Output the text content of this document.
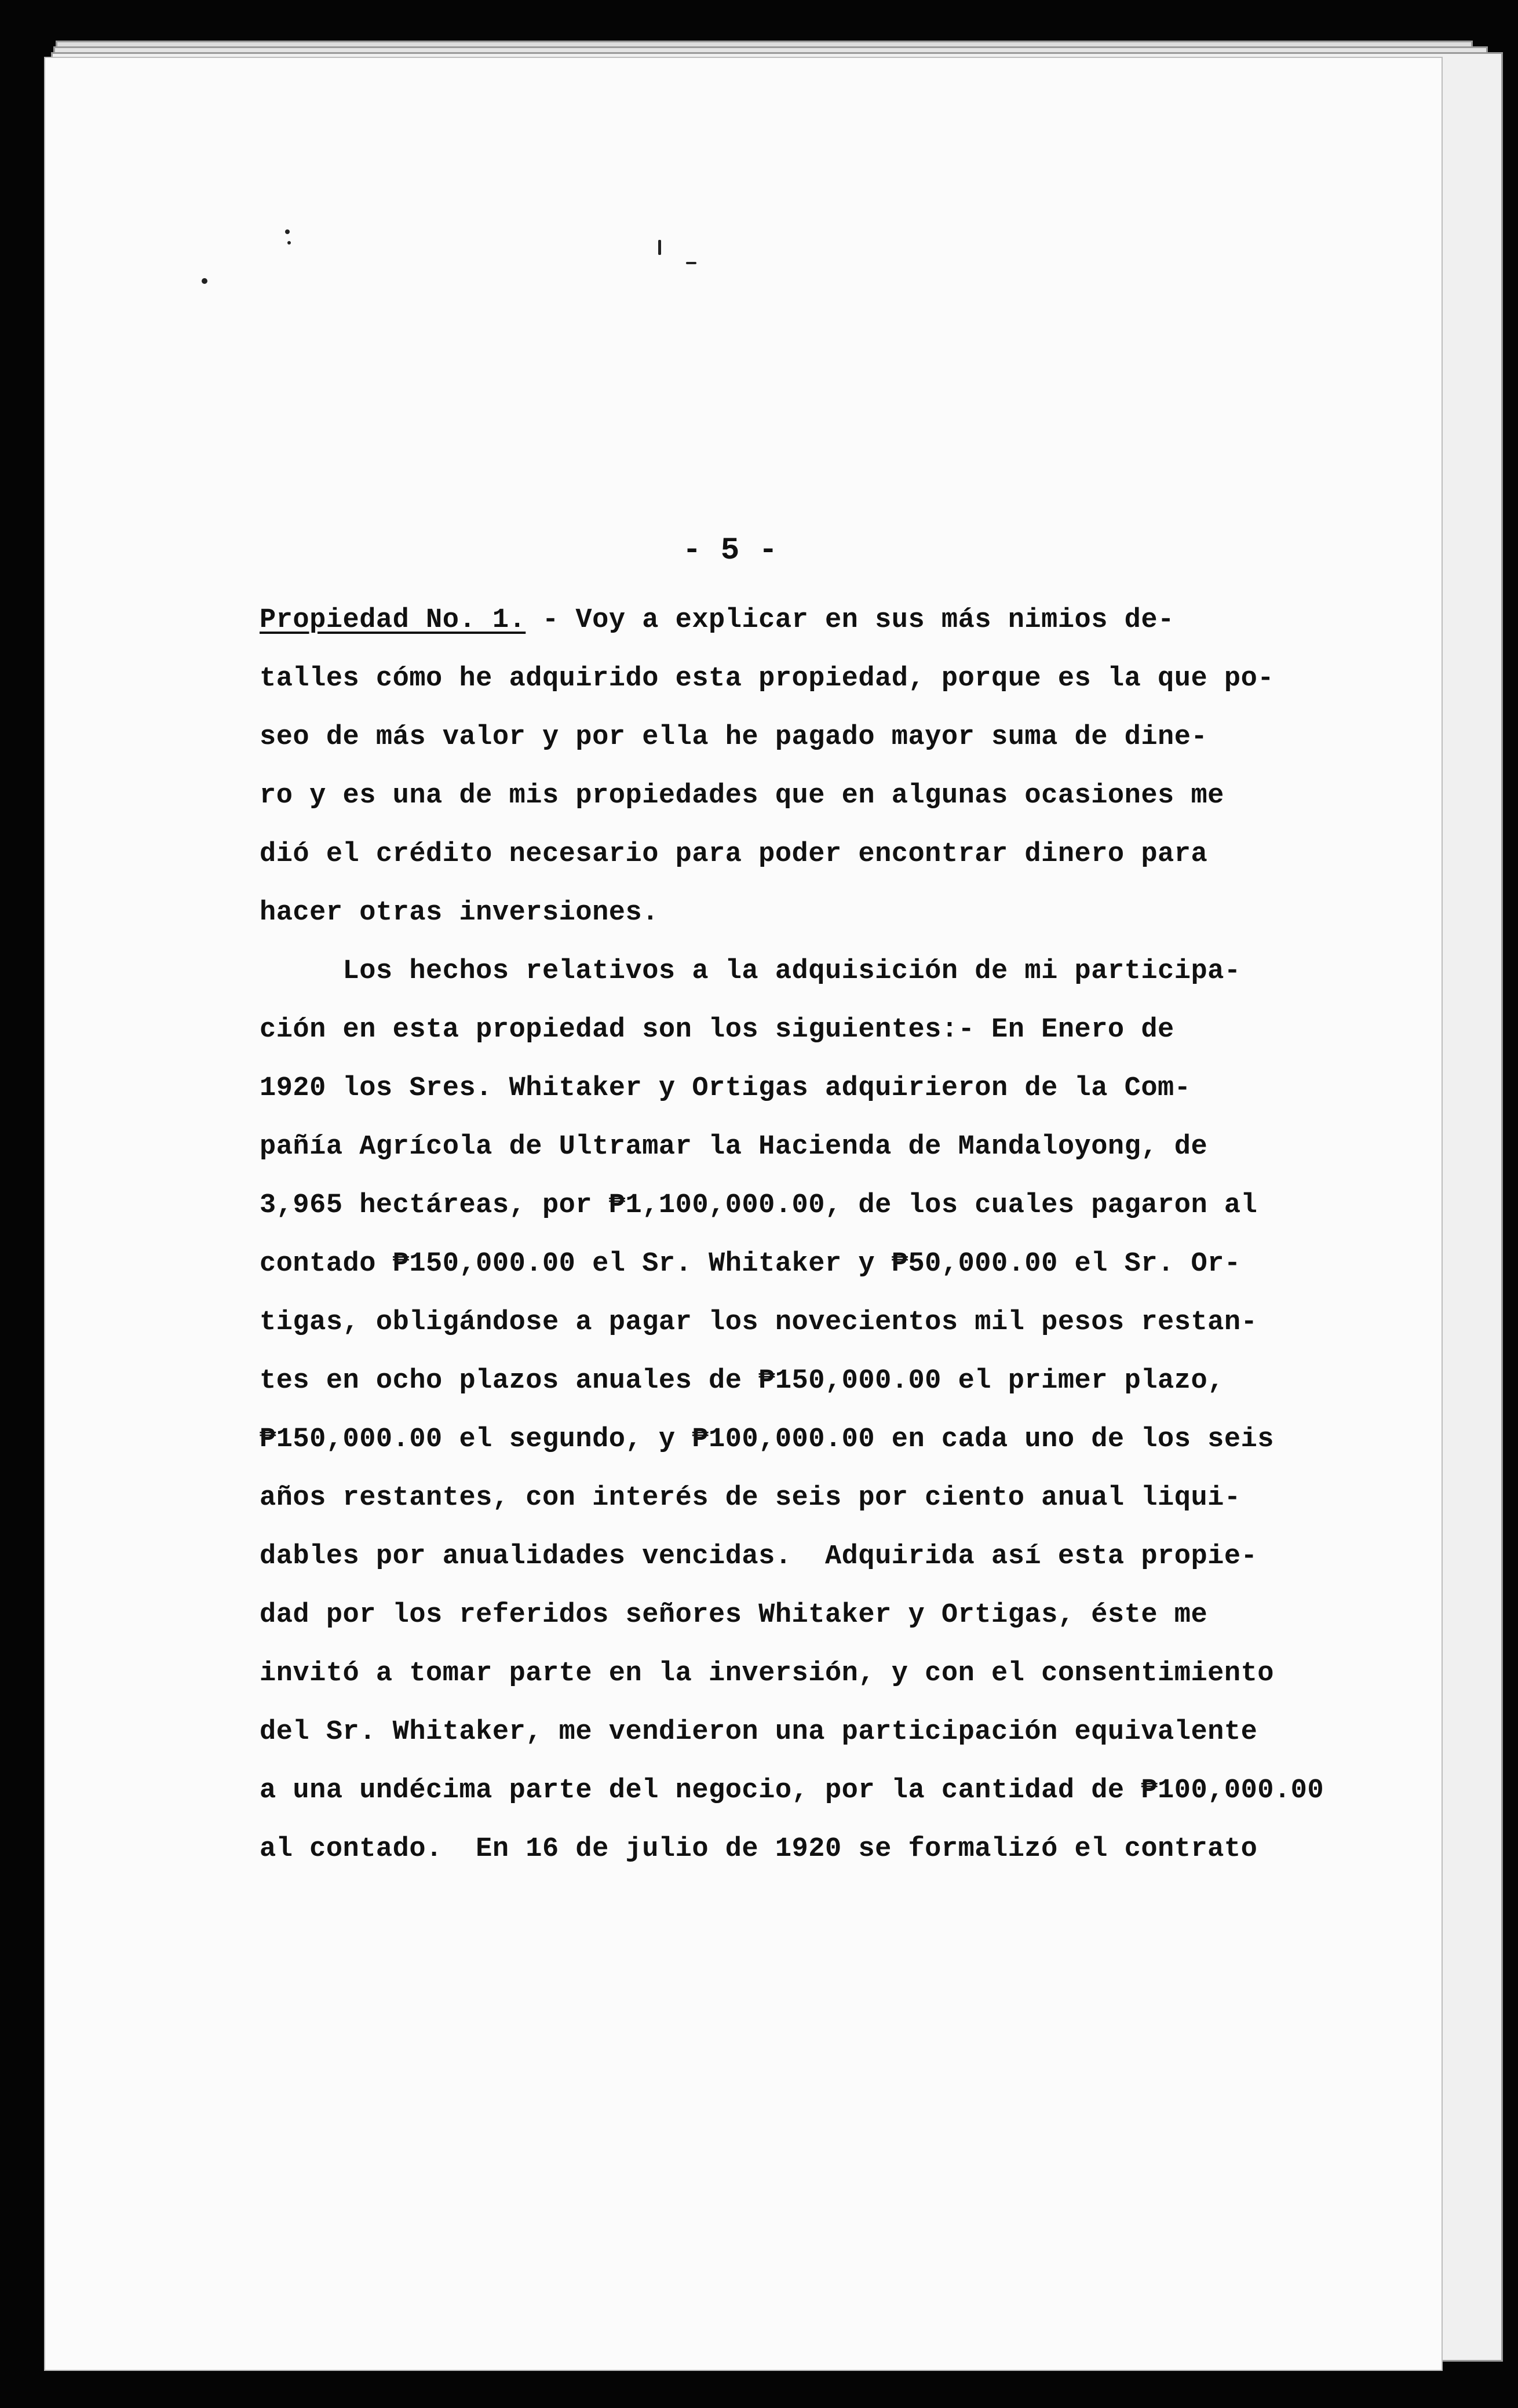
- 5 -
Propiedad No. 1. - Voy a explicar en sus más nimios de-
talles cómo he adquirido esta propiedad, porque es la que po-
seo de más valor y por ella he pagado mayor suma de dine-
ro y es una de mis propiedades que en algunas ocasiones me
dió el crédito necesario para poder encontrar dinero para
hacer otras inversiones.
Los hechos relativos a la adquisición de mi participa-
ción en esta propiedad son los siguientes:- En Enero de
1920 los Sres. Whitaker y Ortigas adquirieron de la Com-
pañía Agrícola de Ultramar la Hacienda de Mandaloyong, de
3,965 hectáreas, por ₱1,100,000.00, de los cuales pagaron al
contado ₱150,000.00 el Sr. Whitaker y ₱50,000.00 el Sr. Or-
tigas, obligándose a pagar los novecientos mil pesos restan-
tes en ocho plazos anuales de ₱150,000.00 el primer plazo,
₱150,000.00 el segundo, y ₱100,000.00 en cada uno de los seis
años restantes, con interés de seis por ciento anual liqui-
dables por anualidades vencidas.  Adquirida así esta propie-
dad por los referidos señores Whitaker y Ortigas, éste me
invitó a tomar parte en la inversión, y con el consentimiento
del Sr. Whitaker, me vendieron una participación equivalente
a una undécima parte del negocio, por la cantidad de ₱100,000.00
al contado.  En 16 de julio de 1920 se formalizó el contrato
